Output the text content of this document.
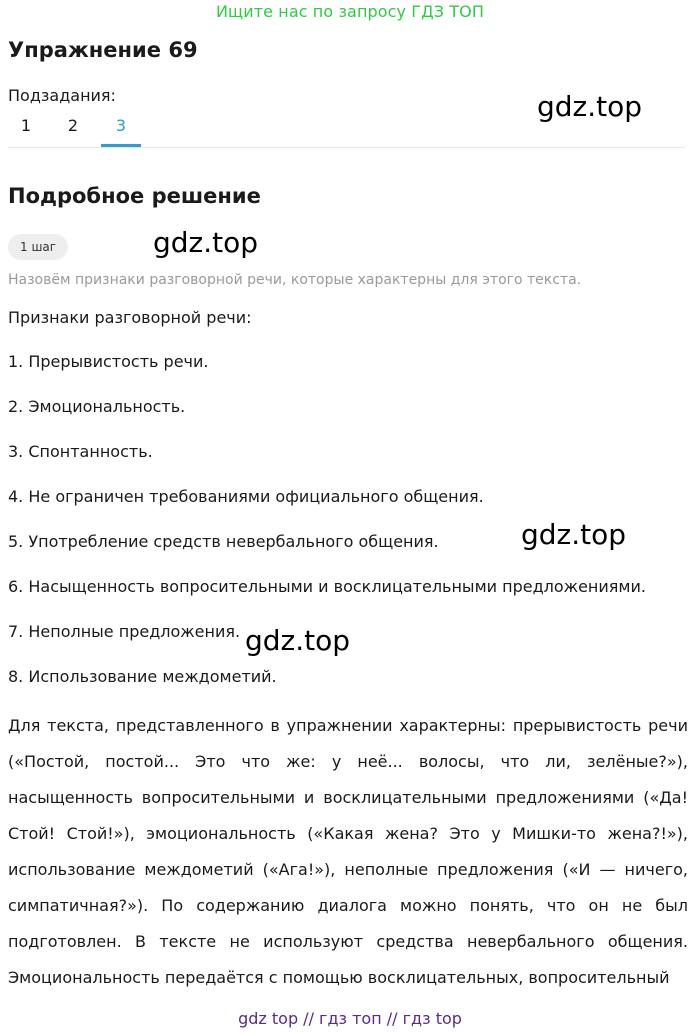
Ищите нас по запросу ГДЗ ТОП
Упражнение 69
Подзадания:
1	2	3
gdz.top
Подробное решение
1 шаг	gdz.top
Назовём признаки разговорной речи, которые характерны для этого текста.
Признаки разговорной речи:
1. Прерывистость речи.
2. Эмоциональность.
3. Спонтанность.
4. Не ограничен требованиями официального общения.
5. Употребление средств невербального общения.
6. Насыщенность вопросительными и восклицательными предложениями.
7. Неполные предложения.
8. Использование междометий.
gdz.top
gdz.top

Для текста, представленного в упражнении характерны: прерывистость речи («Постой, постой... Это что же: у неё... волосы, что ли, зелёные?»), насыщенность вопросительными и восклицательными предложениями («Да! Стой! Стой!»), эмоциональность («Какая жена? Это у Мишки-то жена?!»), использование междометий («Ага!»), неполные предложения («И — ничего, симпатичная?»). По содержанию диалога можно понять, что он не был подготовлен. В тексте не используют средства невербального общения. Эмоциональность передаётся с помощью восклицательных, вопросительный

gdz top // гдз топ // гдз top
